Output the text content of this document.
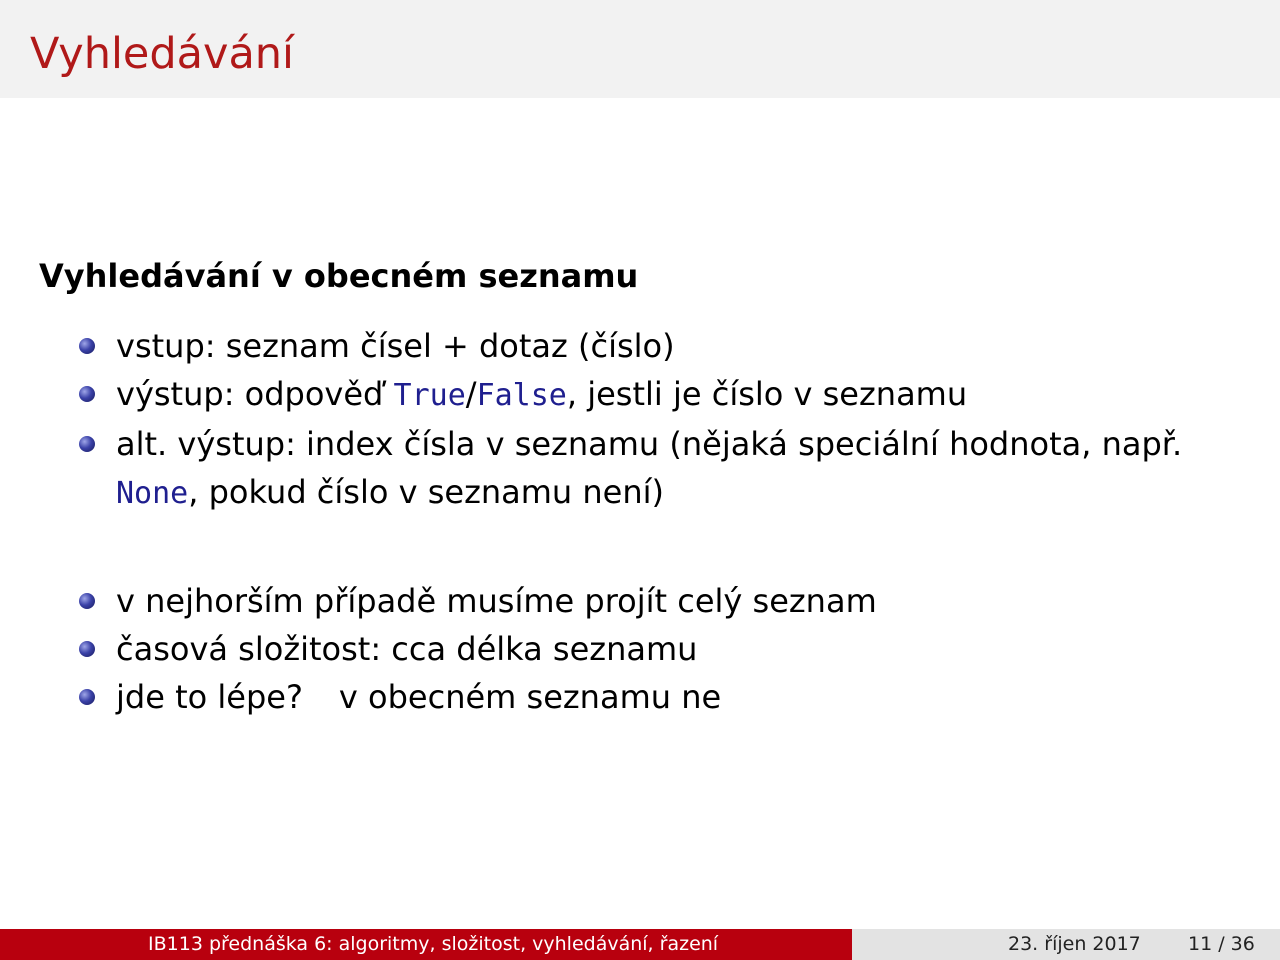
Vyhledávání
Vyhledávání v obecném seznamu
vstup: seznam čísel + dotaz (číslo)
výstup: odpověď True/False, jestli je číslo v seznamu
alt. výstup: index čísla v seznamu (nějaká speciální hodnota, např.
None, pokud číslo v seznamu není)
v nejhorším případě musíme projít celý seznam
časová složitost: cca délka seznamu
jde to lépe? v obecném seznamu ne
IB113 přednáška 6: algoritmy, složitost, vyhledávání, řazení	23. říjen 2017 11 / 36
